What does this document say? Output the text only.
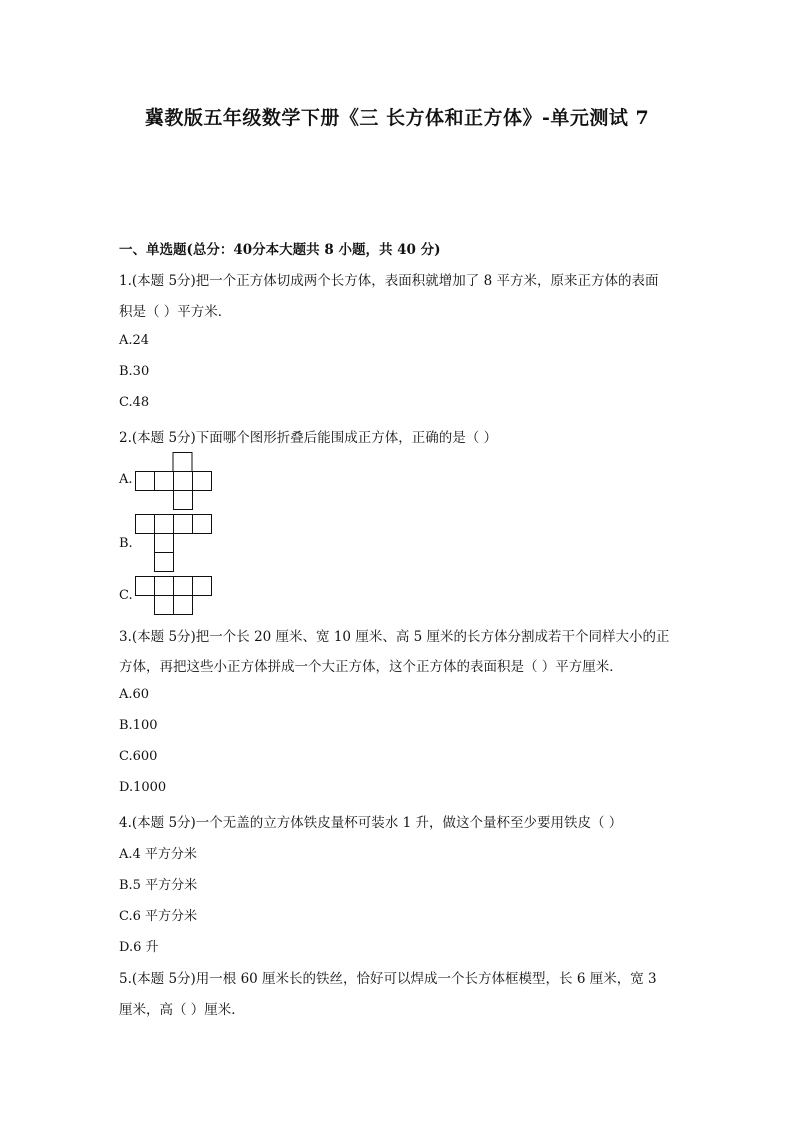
冀教版五年级数学下册《三 长方体和正方体》-单元测试 7
一、单选题(总分：40分本大题共 8 小题，共 40 分)
1.(本题 5分)把一个正方体切成两个长方体，表面积就增加了 8 平方米，原来正方体的表面
积是（ ）平方米．
A.24
B.30
C.48
2.(本题 5分)下面哪个图形折叠后能围成正方体，正确的是（ ）
A.
B.
C.
3.(本题 5分)把一个长 20 厘米、宽 10 厘米、高 5 厘米的长方体分割成若干个同样大小的正
方体，再把这些小正方体拼成一个大正方体，这个正方体的表面积是（ ）平方厘米．
A.60
B.100
C.600
D.1000
4.(本题 5分)一个无盖的立方体铁皮量杯可装水 1 升，做这个量杯至少要用铁皮（ ）
A.4 平方分米
B.5 平方分米
C.6 平方分米
D.6 升
5.(本题 5分)用一根 60 厘米长的铁丝，恰好可以焊成一个长方体框模型，长 6 厘米，宽 3
厘米，高（ ）厘米．
